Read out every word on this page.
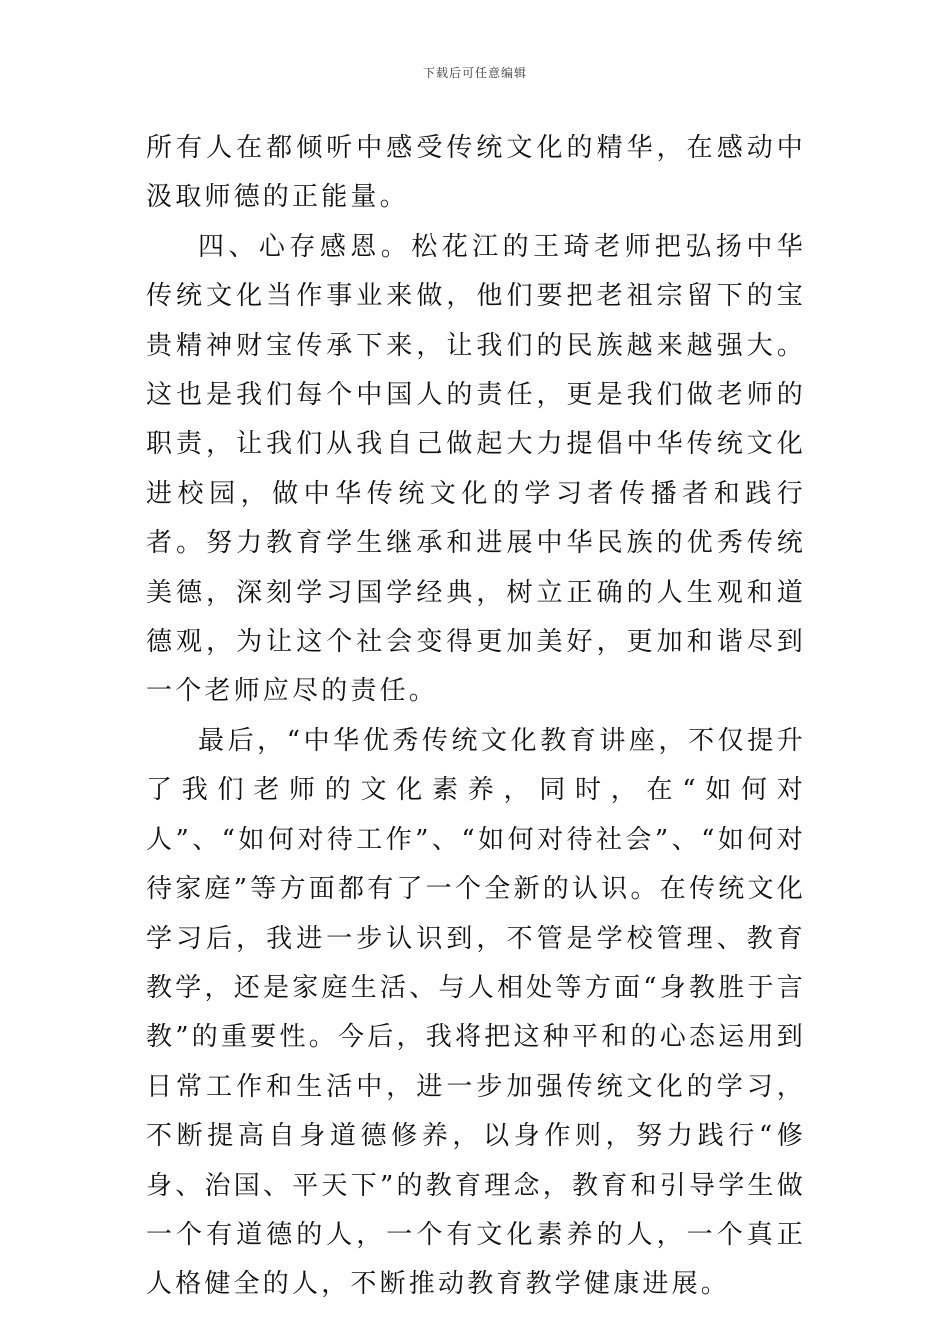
下载后可任意编辑

所有人在都倾听中感受传统文化的精华，在感动中汲取师德的正能量。

四、心存感恩。松花江的王琦老师把弘扬中华传统文化当作事业来做，他们要把老祖宗留下的宝贵精神财宝传承下来，让我们的民族越来越强大。这也是我们每个中国人的责任，更是我们做老师的职责，让我们从我自己做起大力提倡中华传统文化进校园，做中华传统文化的学习者传播者和践行者。努力教育学生继承和进展中华民族的优秀传统美德，深刻学习国学经典，树立正确的人生观和道德观，为让这个社会变得更加美好，更加和谐尽到一个老师应尽的责任。

最后，“中华优秀传统文化教育讲座，不仅提升了我们老师的文化素养，同时，在“如何对人”、“如何对待工作”、“如何对待社会”、“如何对待家庭”等方面都有了一个全新的认识。在传统文化学习后，我进一步认识到，不管是学校管理、教育教学，还是家庭生活、与人相处等方面“身教胜于言教”的重要性。今后，我将把这种平和的心态运用到日常工作和生活中，进一步加强传统文化的学习，不断提高自身道德修养，以身作则，努力践行“修身、治国、平天下”的教育理念，教育和引导学生做一个有道德的人，一个有文化素养的人，一个真正人格健全的人，不断推动教育教学健康进展。
